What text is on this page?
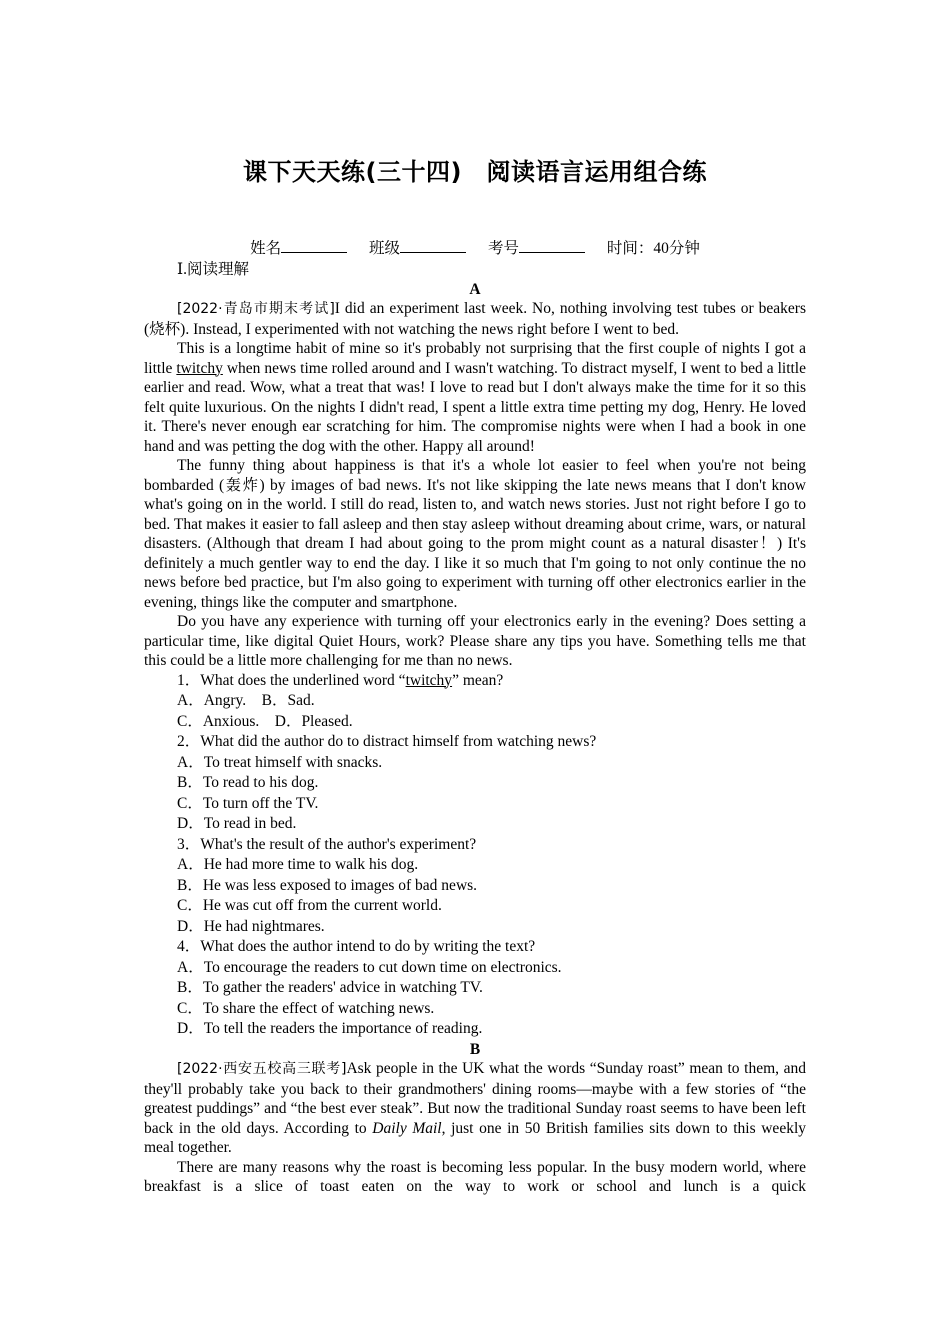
课下天天练(三十四)　阅读语言运用组合练
姓名	班级	考号	时间：40分钟
Ⅰ.阅读理解
A

[2022·青岛市期末考试]I did an experiment last week. No, nothing involving test tubes or beakers (烧杯). Instead, I experimented with not watching the news right before I went to bed.

This is a longtime habit of mine so it's probably not surprising that the first couple of nights I got a little twitchy when news time rolled around and I wasn't watching. To distract myself, I went to bed a little earlier and read. Wow, what a treat that was! I love to read but I don't always make the time for it so this felt quite luxurious. On the nights I didn't read, I spent a little extra time petting my dog, Henry. He loved it. There's never enough ear scratching for him. The compromise nights were when I had a book in one hand and was petting the dog with the other. Happy all around!

The funny thing about happiness is that it's a whole lot easier to feel when you're not being bombarded (轰炸) by images of bad news. It's not like skipping the late news means that I don't know what's going on in the world. I still do read, listen to, and watch news stories. Just not right before I go to bed. That makes it easier to fall asleep and then stay asleep without dreaming about crime, wars, or natural disasters. (Although that dream I had about going to the prom might count as a natural disaster！) It's definitely a much gentler way to end the day. I like it so much that I'm going to not only continue the no news before bed practice, but I'm also going to experiment with turning off other electronics earlier in the evening, things like the computer and smartphone.

Do you have any experience with turning off your electronics early in the evening? Does setting a particular time, like digital Quiet Hours, work? Please share any tips you have. Something tells me that this could be a little more challenging for me than no news.

1．What does the underlined word “twitchy” mean?

A．Angry.　B．Sad.

C．Anxious.　D．Pleased.

2．What did the author do to distract himself from watching news?

A．To treat himself with snacks.

B．To read to his dog.

C．To turn off the TV.

D．To read in bed.

3．What's the result of the author's experiment?

A．He had more time to walk his dog.

B．He was less exposed to images of bad news.

C．He was cut off from the current world.

D．He had nightmares.

4．What does the author intend to do by writing the text?

A．To encourage the readers to cut down time on electronics.

B．To gather the readers' advice in watching TV.

C．To share the effect of watching news.

D．To tell the readers the importance of reading.

B

[2022·西安五校高三联考]Ask people in the UK what the words “Sunday roast” mean to them, and they'll probably take you back to their grandmothers' dining rooms—maybe with a few stories of “the greatest puddings” and “the best ever steak”. But now the traditional Sunday roast seems to have been left back in the old days. According to Daily Mail, just one in 50 British families sits down to this weekly meal together.

There are many reasons why the roast is becoming less popular. In the busy modern world, where breakfast is a slice of toast eaten on the way to work or school and lunch is a quick
